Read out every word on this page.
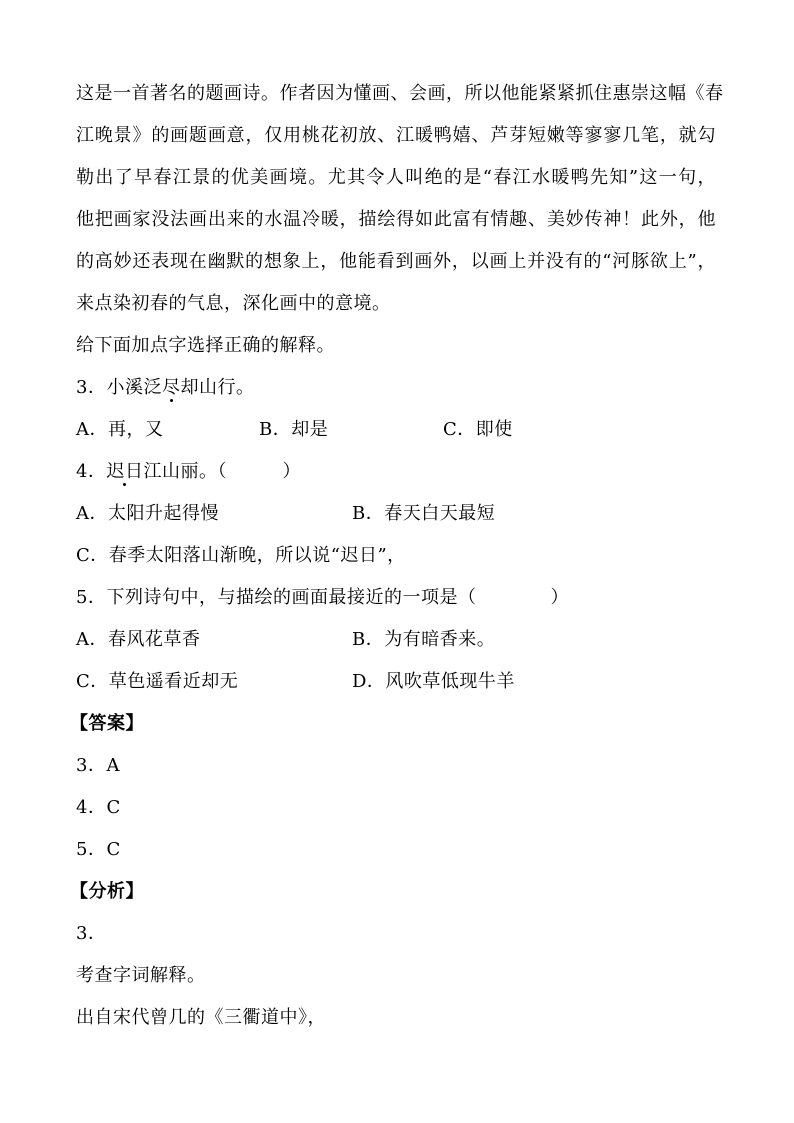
这是一首著名的题画诗。作者因为懂画、会画，所以他能紧紧抓住惠崇这幅《春
江晚景》的画题画意，仅用桃花初放、江暖鸭嬉、芦芽短嫩等寥寥几笔，就勾
勒出了早春江景的优美画境。尤其令人叫绝的是“春江水暖鸭先知”这一句，
他把画家没法画出来的水温冷暖，描绘得如此富有情趣、美妙传神！此外，他
的高妙还表现在幽默的想象上，他能看到画外，以画上并没有的“河豚欲上”，
来点染初春的气息，深化画中的意境。
给下面加点字选择正确的解释。
3．小溪泛尽却山行。
A．再，又	B．却是	C．即使
4．迟日江山丽。（　　　）
A．太阳升起得慢	B．春天白天最短
C．春季太阳落山渐晚，所以说“迟日”，
5．下列诗句中，与描绘的画面最接近的一项是（　　　　）
A．春风花草香	B．为有暗香来。
C．草色遥看近却无	D．风吹草低现牛羊
【答案】
3．A
4．C
5．C
【分析】
3．
考查字词解释。
出自宋代曾几的《三衢道中》，
